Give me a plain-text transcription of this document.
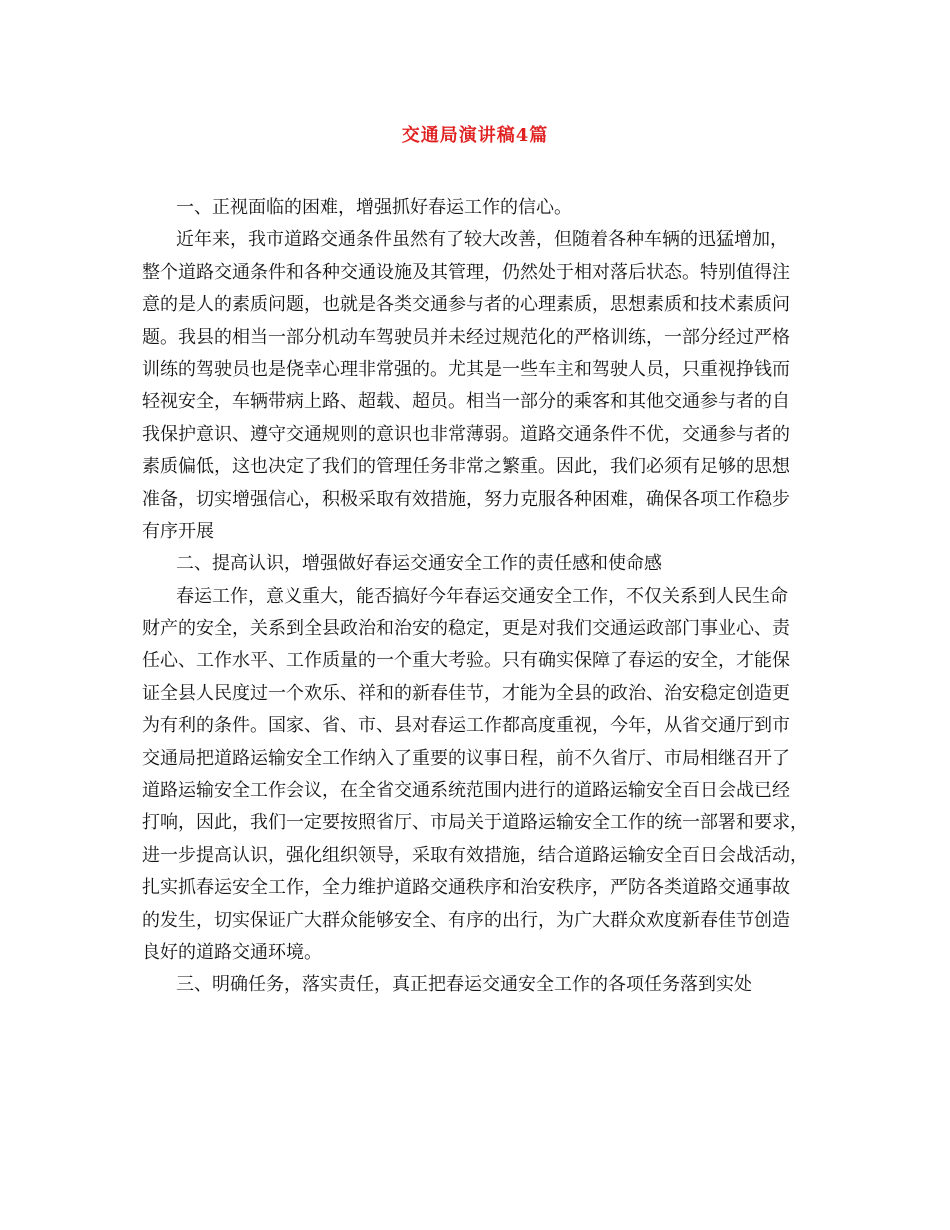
交通局演讲稿4篇
一、正视面临的困难，增强抓好春运工作的信心。
近年来，我市道路交通条件虽然有了较大改善，但随着各种车辆的迅猛增加，
整个道路交通条件和各种交通设施及其管理，仍然处于相对落后状态。特别值得注
意的是人的素质问题，也就是各类交通参与者的心理素质，思想素质和技术素质问
题。我县的相当一部分机动车驾驶员并未经过规范化的严格训练，一部分经过严格
训练的驾驶员也是侥幸心理非常强的。尤其是一些车主和驾驶人员，只重视挣钱而
轻视安全，车辆带病上路、超载、超员。相当一部分的乘客和其他交通参与者的自
我保护意识、遵守交通规则的意识也非常薄弱。道路交通条件不优，交通参与者的
素质偏低，这也决定了我们的管理任务非常之繁重。因此，我们必须有足够的思想
准备，切实增强信心，积极采取有效措施，努力克服各种困难，确保各项工作稳步
有序开展
二、提高认识，增强做好春运交通安全工作的责任感和使命感
春运工作，意义重大，能否搞好今年春运交通安全工作，不仅关系到人民生命
财产的安全，关系到全县政治和治安的稳定，更是对我们交通运政部门事业心、责
任心、工作水平、工作质量的一个重大考验。只有确实保障了春运的安全，才能保
证全县人民度过一个欢乐、祥和的新春佳节，才能为全县的政治、治安稳定创造更
为有利的条件。国家、省、市、县对春运工作都高度重视，今年，从省交通厅到市
交通局把道路运输安全工作纳入了重要的议事日程，前不久省厅、市局相继召开了
道路运输安全工作会议，在全省交通系统范围内进行的道路运输安全百日会战已经
打响，因此，我们一定要按照省厅、市局关于道路运输安全工作的统一部署和要求，
进一步提高认识，强化组织领导，采取有效措施，结合道路运输安全百日会战活动，
扎实抓春运安全工作，全力维护道路交通秩序和治安秩序，严防各类道路交通事故
的发生，切实保证广大群众能够安全、有序的出行，为广大群众欢度新春佳节创造
良好的道路交通环境。
三、明确任务，落实责任，真正把春运交通安全工作的各项任务落到实处
